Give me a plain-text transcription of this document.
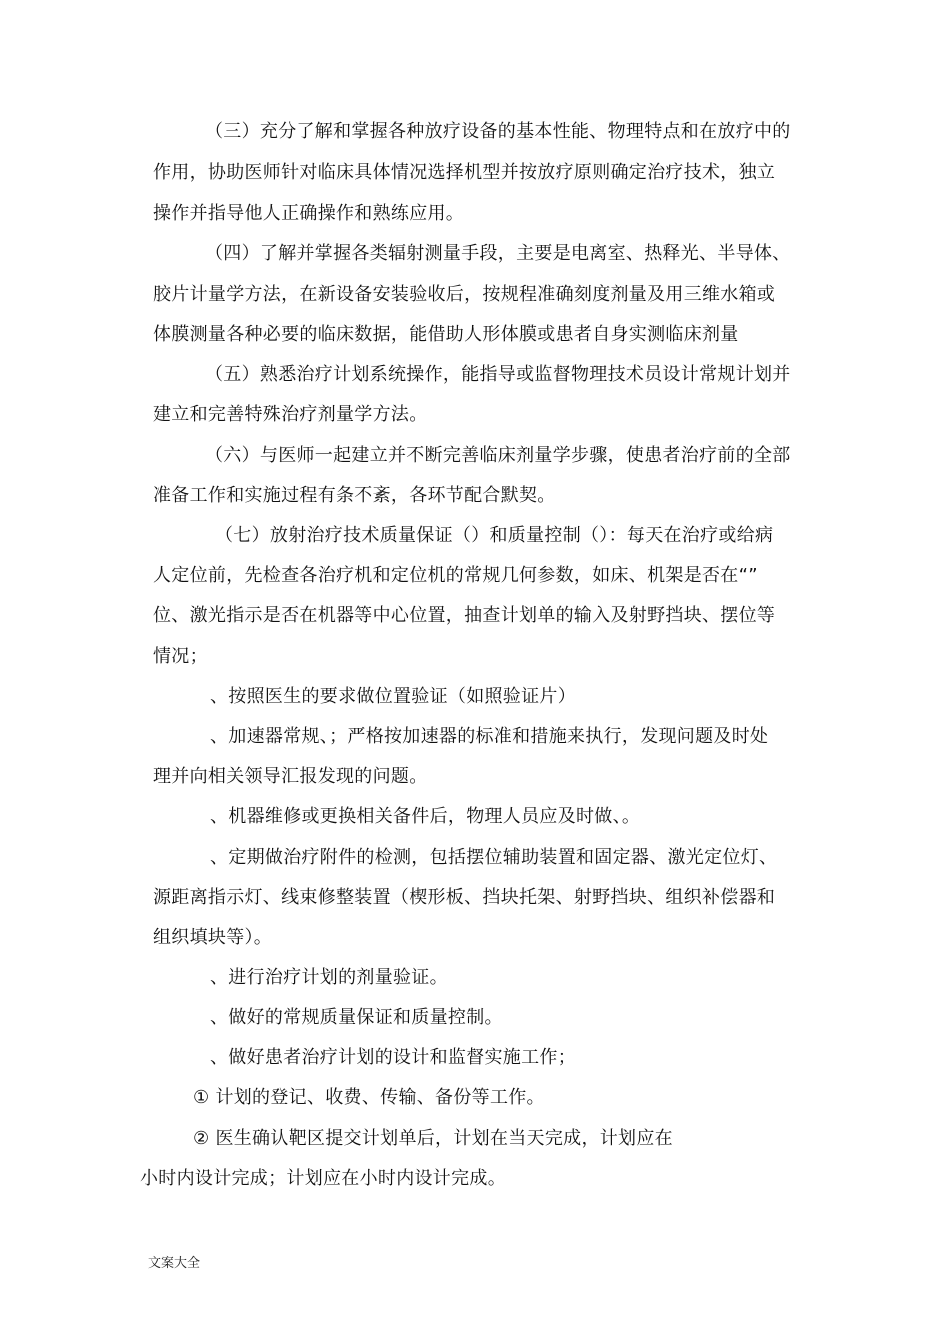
（三）充分了解和掌握各种放疗设备的基本性能、物理特点和在放疗中的
作用，协助医师针对临床具体情况选择机型并按放疗原则确定治疗技术，独立
操作并指导他人正确操作和熟练应用。
（四）了解并掌握各类辐射测量手段，主要是电离室、热释光、半导体、
胶片计量学方法，在新设备安装验收后，按规程准确刻度剂量及用三维水箱或
体膜测量各种必要的临床数据，能借助人形体膜或患者自身实测临床剂量
（五）熟悉治疗计划系统操作，能指导或监督物理技术员设计常规计划并
建立和完善特殊治疗剂量学方法。
（六）与医师一起建立并不断完善临床剂量学步骤，使患者治疗前的全部
准备工作和实施过程有条不紊，各环节配合默契。
（七）放射治疗技术质量保证（）和质量控制（）：每天在治疗或给病
人定位前，先检查各治疗机和定位机的常规几何参数，如床、机架是否在“”
位、激光指示是否在机器等中心位置，抽查计划单的输入及射野挡块、摆位等
情况；
、按照医生的要求做位置验证（如照验证片）
、加速器常规、；严格按加速器的标准和措施来执行，发现问题及时处
理并向相关领导汇报发现的问题。
、机器维修或更换相关备件后，物理人员应及时做、。
、定期做治疗附件的检测，包括摆位辅助装置和固定器、激光定位灯、
源距离指示灯、线束修整装置（楔形板、挡块托架、射野挡块、组织补偿器和
组织填块等）。
、进行治疗计划的剂量验证。
、做好的常规质量保证和质量控制。
、做好患者治疗计划的设计和监督实施工作；
① 计划的登记、收费、传输、备份等工作。
② 医生确认靶区提交计划单后，计划在当天完成，计划应在
小时内设计完成；计划应在小时内设计完成。
文案大全
